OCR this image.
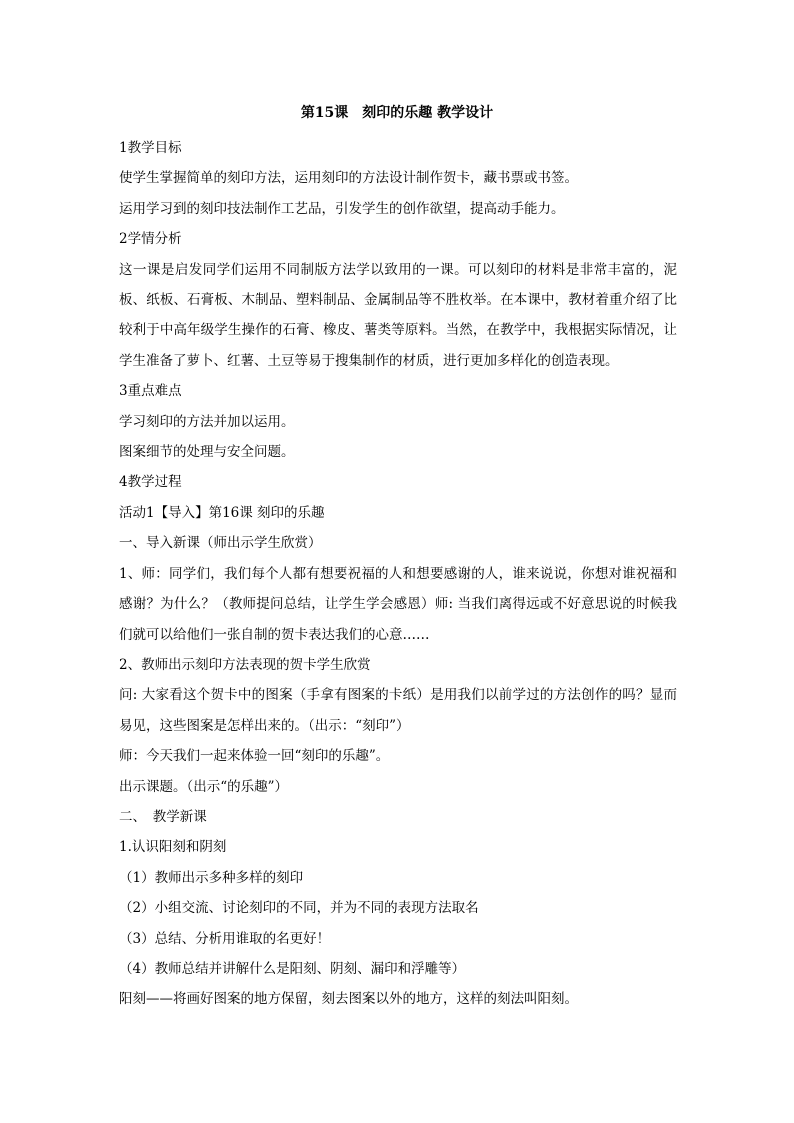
第15课　刻印的乐趣 教学设计
1教学目标
使学生掌握简单的刻印方法，运用刻印的方法设计制作贺卡，藏书票或书签。
运用学习到的刻印技法制作工艺品，引发学生的创作欲望，提高动手能力。
2学情分析
这一课是启发同学们运用不同制版方法学以致用的一课。可以刻印的材料是非常丰富的，泥板、纸板、石膏板、木制品、塑料制品、金属制品等不胜枚举。在本课中，教材着重介绍了比较利于中高年级学生操作的石膏、橡皮、薯类等原料。当然，在教学中，我根据实际情况，让学生准备了萝卜、红薯、土豆等易于搜集制作的材质，进行更加多样化的创造表现。
3重点难点
学习刻印的方法并加以运用。
图案细节的处理与安全问题。
4教学过程
活动1【导入】第16课 刻印的乐趣
一、导入新课（师出示学生欣赏）
1、师：同学们，我们每个人都有想要祝福的人和想要感谢的人，谁来说说，你想对谁祝福和感谢？为什么？（教师提问总结，让学生学会感恩）师: 当我们离得远或不好意思说的时候我们就可以给他们一张自制的贺卡表达我们的心意……
2、教师出示刻印方法表现的贺卡学生欣赏
问: 大家看这个贺卡中的图案（手拿有图案的卡纸）是用我们以前学过的方法创作的吗？显而易见，这些图案是怎样出来的。（出示：“刻印”）
师：今天我们一起来体验一回“刻印的乐趣”。
出示课题。（出示“的乐趣”）
二、　教学新课
1.认识阳刻和阴刻
（1）教师出示多种多样的刻印
（2）小组交流、讨论刻印的不同，并为不同的表现方法取名
（3）总结、分析用谁取的名更好！
（4）教师总结并讲解什么是阳刻、阴刻、漏印和浮雕等）
阳刻——将画好图案的地方保留，刻去图案以外的地方，这样的刻法叫阳刻。
